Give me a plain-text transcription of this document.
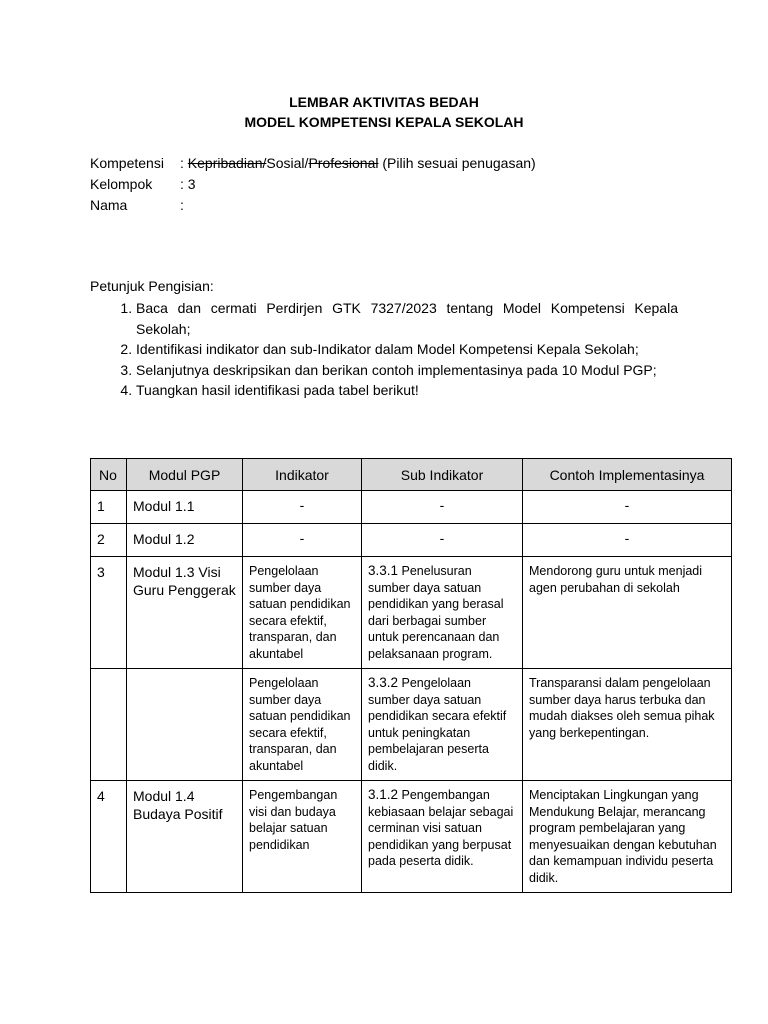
LEMBAR AKTIVITAS BEDAH
MODEL KOMPETENSI KEPALA SEKOLAH
Kompetensi : Kepribadian/Sosial/Profesional (Pilih sesuai penugasan)
Kelompok : 3
Nama	:
Petunjuk Pengisian:
1. Baca dan cermati Perdirjen GTK 7327/2023 tentang Model Kompetensi Kepala Sekolah;
2. Identifikasi indikator dan sub-Indikator dalam Model Kompetensi Kepala Sekolah;
3. Selanjutnya deskripsikan dan berikan contoh implementasinya pada 10 Modul PGP;
4. Tuangkan hasil identifikasi pada tabel berikut!
No	Modul PGP	Indikator	Sub Indikator	Contoh Implementasinya
1	Modul 1.1	-	-	-
2	Modul 1.2	-	-	-
3	Modul 1.3 Visi Guru Penggerak	Pengelolaan sumber daya satuan pendidikan secara efektif, transparan, dan akuntabel	3.3.1 Penelusuran sumber daya satuan pendidikan yang berasal dari berbagai sumber untuk perencanaan dan pelaksanaan program.	Mendorong guru untuk menjadi agen perubahan di sekolah
		Pengelolaan sumber daya satuan pendidikan secara efektif, transparan, dan akuntabel	3.3.2 Pengelolaan sumber daya satuan pendidikan secara efektif untuk peningkatan pembelajaran peserta didik.	Transparansi dalam pengelolaan sumber daya harus terbuka dan mudah diakses oleh semua pihak yang berkepentingan.
4	Modul 1.4 Budaya Positif	Pengembangan visi dan budaya belajar satuan pendidikan	3.1.2 Pengembangan kebiasaan belajar sebagai cerminan visi satuan pendidikan yang berpusat pada peserta didik.	Menciptakan Lingkungan yang Mendukung Belajar, merancang program pembelajaran yang menyesuaikan dengan kebutuhan dan kemampuan individu peserta didik.
